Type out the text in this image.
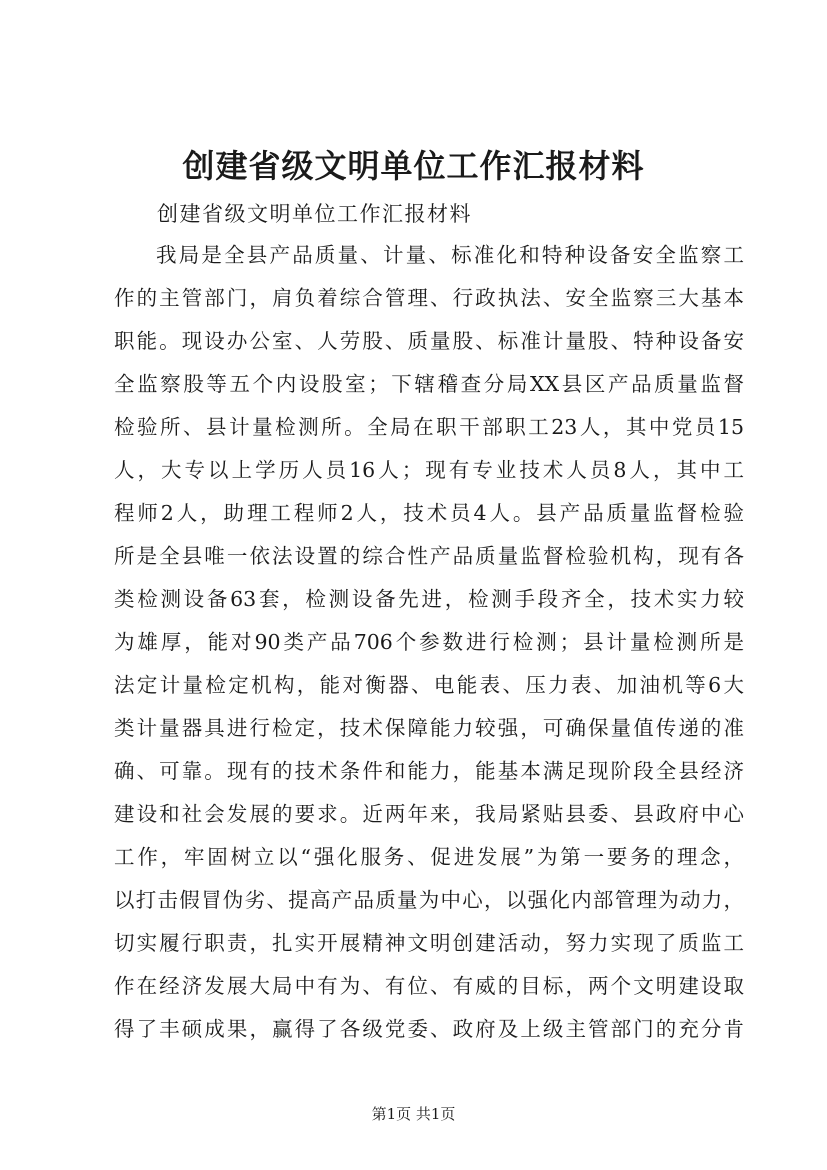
创建省级文明单位工作汇报材料

创建省级文明单位工作汇报材料

我局是全县产品质量、计量、标准化和特种设备安全监察工
作的主管部门，肩负着综合管理、行政执法、安全监察三大基本
职能。现设办公室、人劳股、质量股、标准计量股、特种设备安
全监察股等五个内设股室；下辖稽查分局XX县区产品质量监督
检验所、县计量检测所。全局在职干部职工23人，其中党员15
人，大专以上学历人员16人；现有专业技术人员8人，其中工
程师2人，助理工程师2人，技术员4人。县产品质量监督检验
所是全县唯一依法设置的综合性产品质量监督检验机构，现有各
类检测设备63套，检测设备先进，检测手段齐全，技术实力较
为雄厚，能对90类产品706个参数进行检测；县计量检测所是
法定计量检定机构，能对衡器、电能表、压力表、加油机等6大
类计量器具进行检定，技术保障能力较强，可确保量值传递的准
确、可靠。现有的技术条件和能力，能基本满足现阶段全县经济
建设和社会发展的要求。近两年来，我局紧贴县委、县政府中心
工作，牢固树立以“强化服务、促进发展”为第一要务的理念，
以打击假冒伪劣、提高产品质量为中心，以强化内部管理为动力，
切实履行职责，扎实开展精神文明创建活动，努力实现了质监工
作在经济发展大局中有为、有位、有威的目标，两个文明建设取
得了丰硕成果，赢得了各级党委、政府及上级主管部门的充分肯

第1页 共1页
